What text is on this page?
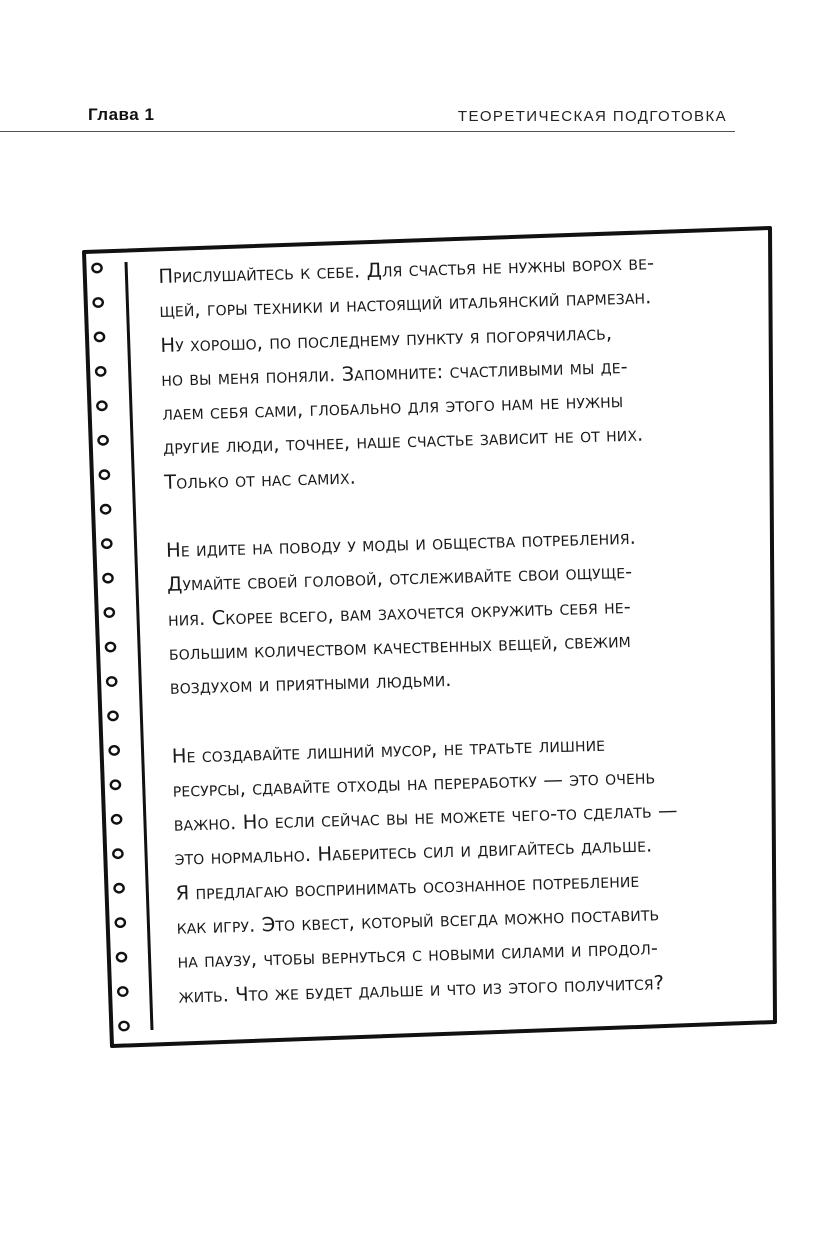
Глава 1	ТЕОРЕТИЧЕСКАЯ ПОДГОТОВКА

Прислушайтесь к себе. Для счастья не нужны ворох ве-
щей, горы техники и настоящий итальянский пармезан.
Ну хорошо, по последнему пункту я погорячилась,
но вы меня поняли. Запомните: счастливыми мы де-
лаем себя сами, глобально для этого нам не нужны
другие люди, точнее, наше счастье зависит не от них.
Только от нас самих.

Не идите на поводу у моды и общества потребления.
Думайте своей головой, отслеживайте свои ощуще-
ния. Скорее всего, вам захочется окружить себя не-
большим количеством качественных вещей, свежим
воздухом и приятными людьми.

Не создавайте лишний мусор, не тратьте лишние
ресурсы, сдавайте отходы на переработку — это очень
важно. Но если сейчас вы не можете чего-то сделать —
это нормально. Наберитесь сил и двигайтесь дальше.
Я предлагаю воспринимать осознанное потребление
как игру. Это квест, который всегда можно поставить
на паузу, чтобы вернуться с новыми силами и продол-
жить. Что же будет дальше и что из этого получится?
